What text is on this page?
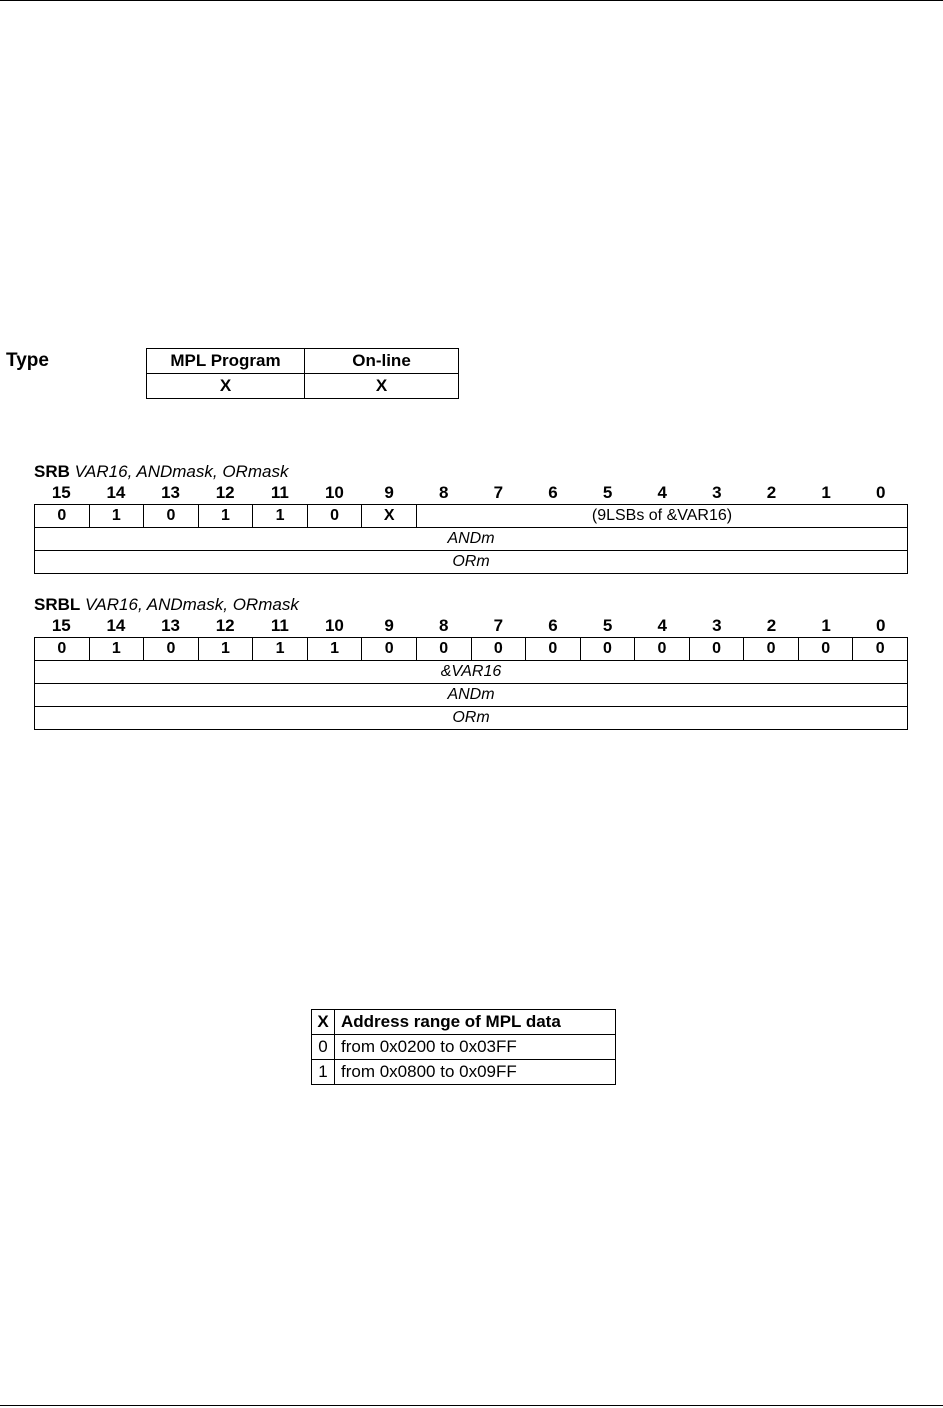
Type	MPL Program	On-line
X	X
SRB VAR16, ANDmask, ORmask
15	14	13	12	11	10	9	8	7	6	5	4	3	2	1	0
0	1	0	1	1	0	X	(9LSBs of &VAR16)
ANDm
ORm
SRBL VAR16, ANDmask, ORmask
15	14	13	12	11	10	9	8	7	6	5	4	3	2	1	0
0	1	0	1	1	1	0	0	0	0	0	0	0	0	0	0
&VAR16
ANDm
ORm
X	Address range of MPL data
0	from 0x0200 to 0x03FF
1	from 0x0800 to 0x09FF
